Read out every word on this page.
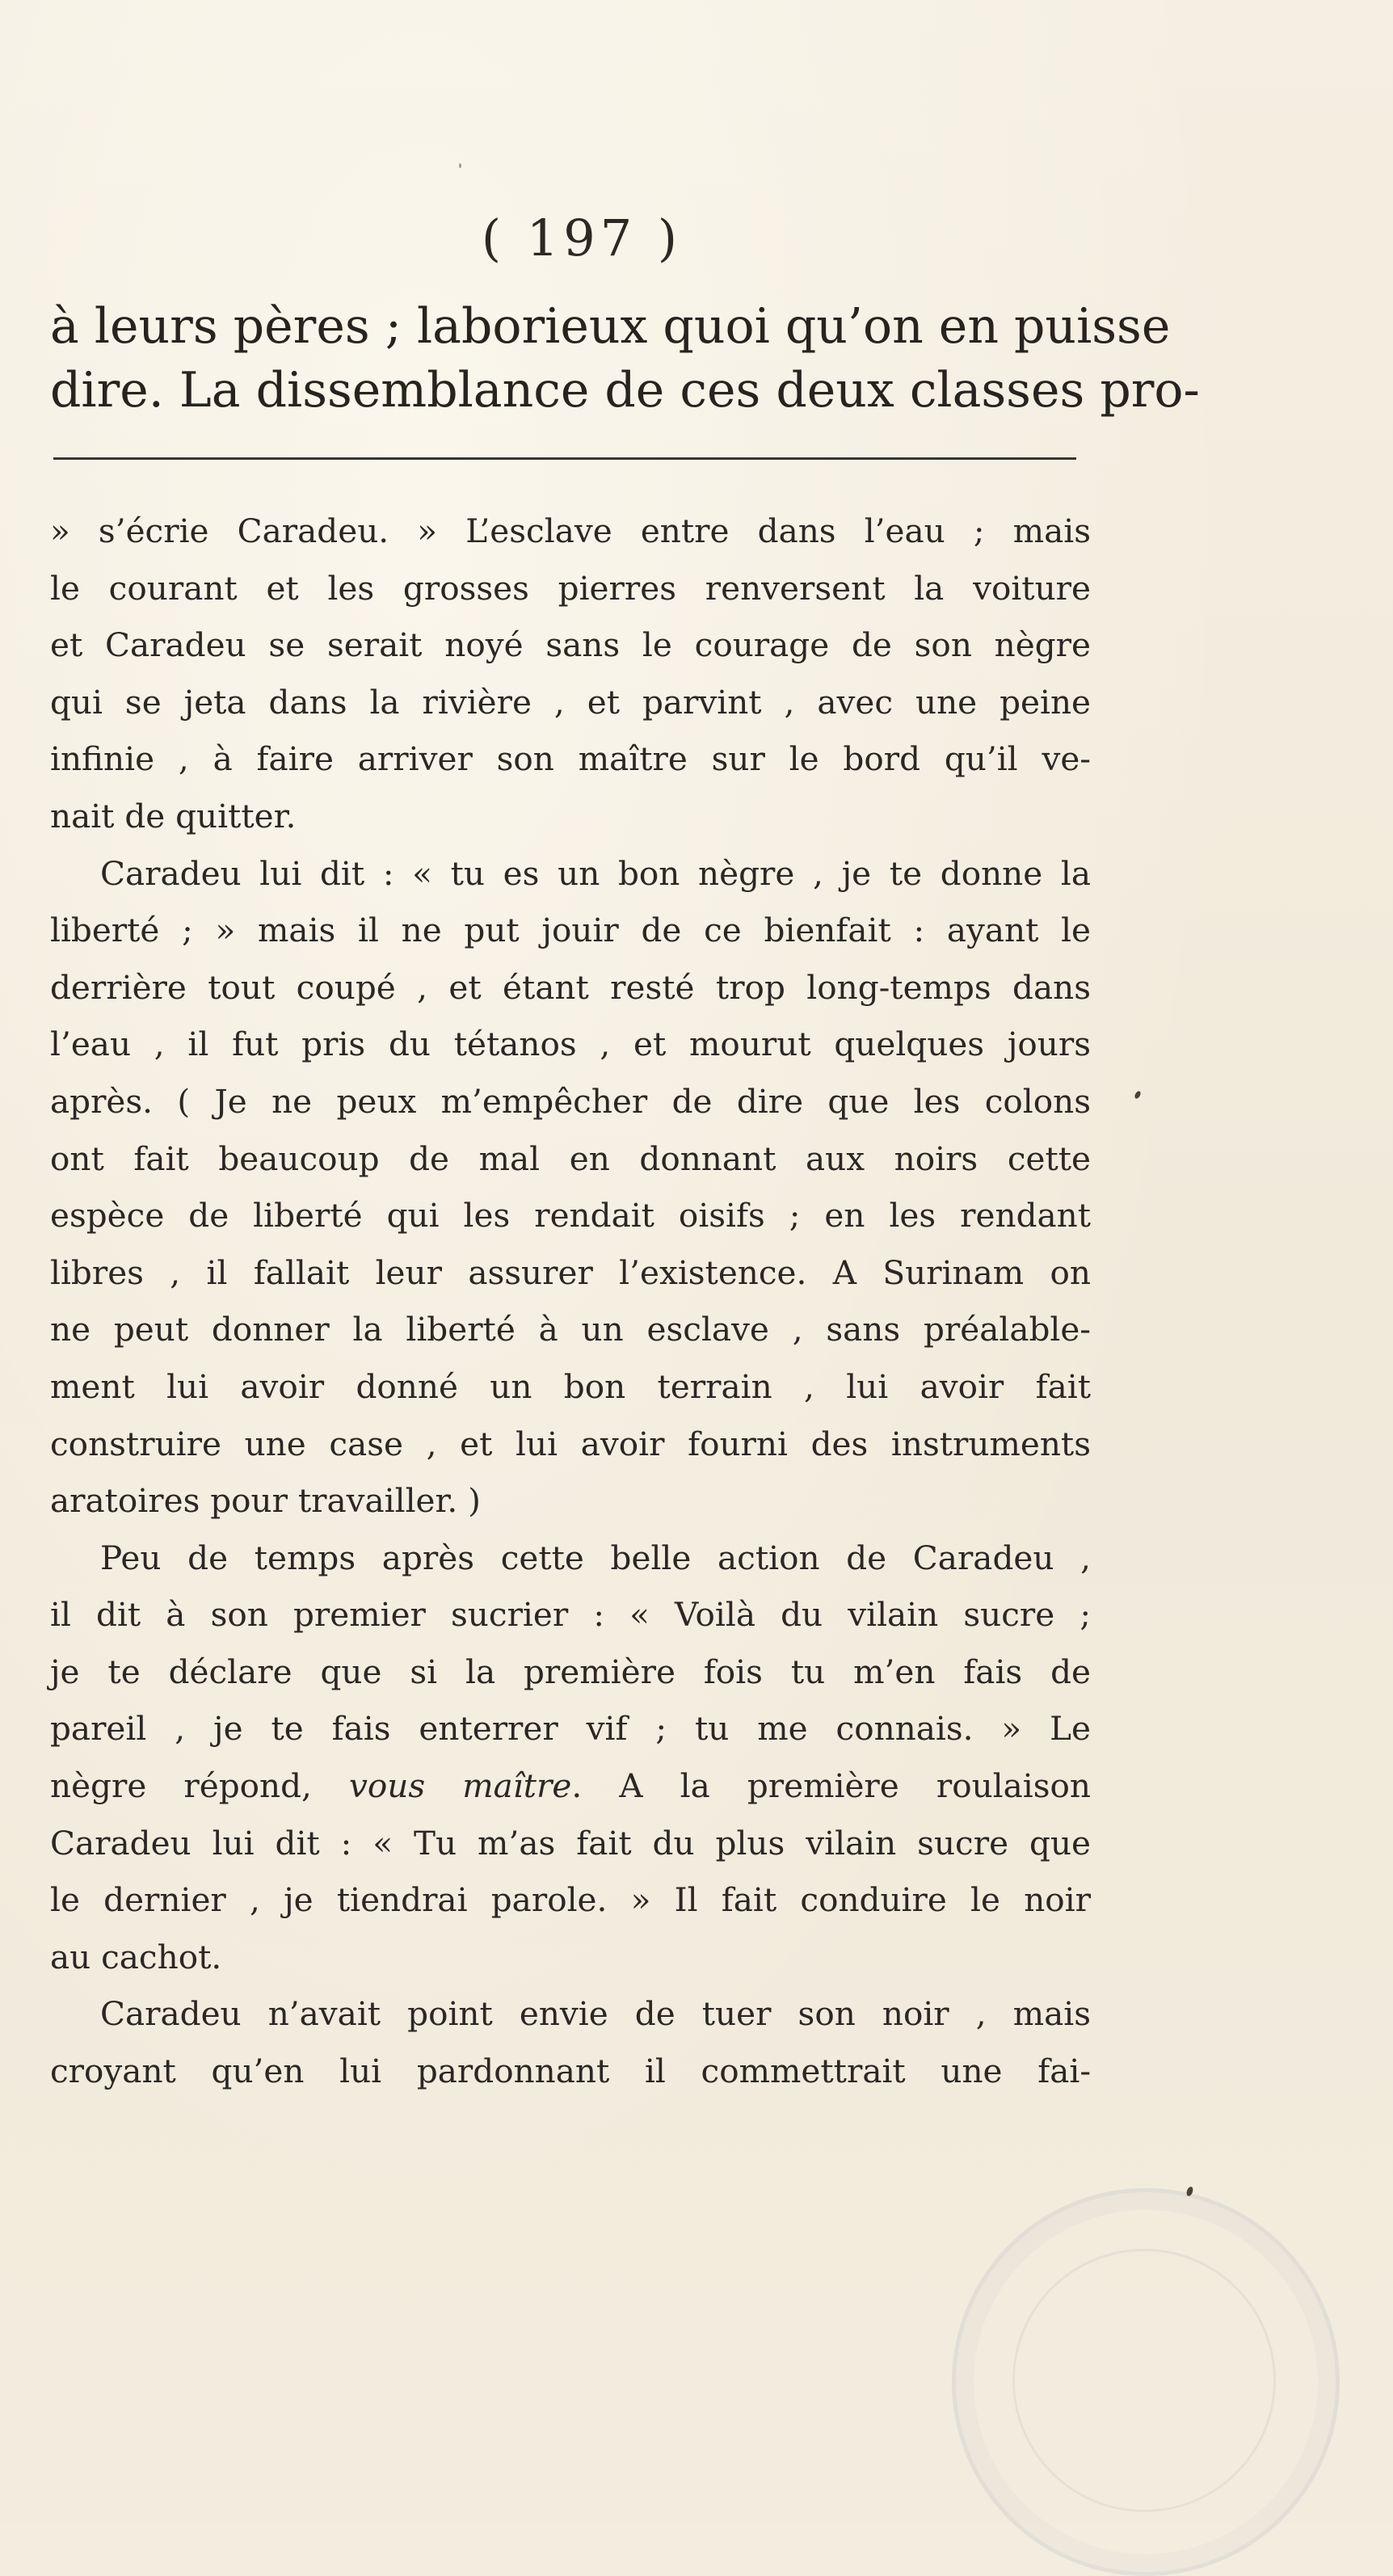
( 197 )
à leurs pères ; laborieux quoi qu’on en puisse
dire. La dissemblance de ces deux classes pro-
» s’écrie Caradeu. » L’esclave entre dans l’eau ; mais
le courant et les grosses pierres renversent la voiture
et Caradeu se serait noyé sans le courage de son nègre
qui se jeta dans la rivière , et parvint , avec une peine
infinie , à faire arriver son maître sur le bord qu’il ve-
nait de quitter.
Caradeu lui dit : « tu es un bon nègre , je te donne la
liberté ; » mais il ne put jouir de ce bienfait : ayant le
derrière tout coupé , et étant resté trop long-temps dans
l’eau , il fut pris du tétanos , et mourut quelques jours
après. ( Je ne peux m’empêcher de dire que les colons
ont fait beaucoup de mal en donnant aux noirs cette
espèce de liberté qui les rendait oisifs ; en les rendant
libres , il fallait leur assurer l’existence. A Surinam on
ne peut donner la liberté à un esclave , sans préalable-
ment lui avoir donné un bon terrain , lui avoir fait
construire une case , et lui avoir fourni des instruments
aratoires pour travailler. )
Peu de temps après cette belle action de Caradeu ,
il dit à son premier sucrier : « Voilà du vilain sucre ;
je te déclare que si la première fois tu m’en fais de
pareil , je te fais enterrer vif ; tu me connais. » Le
nègre répond, vous maître. A la première roulaison
Caradeu lui dit : « Tu m’as fait du plus vilain sucre que
le dernier , je tiendrai parole. » Il fait conduire le noir
au cachot.
Caradeu n’avait point envie de tuer son noir , mais
croyant qu’en lui pardonnant il commettrait une fai-
